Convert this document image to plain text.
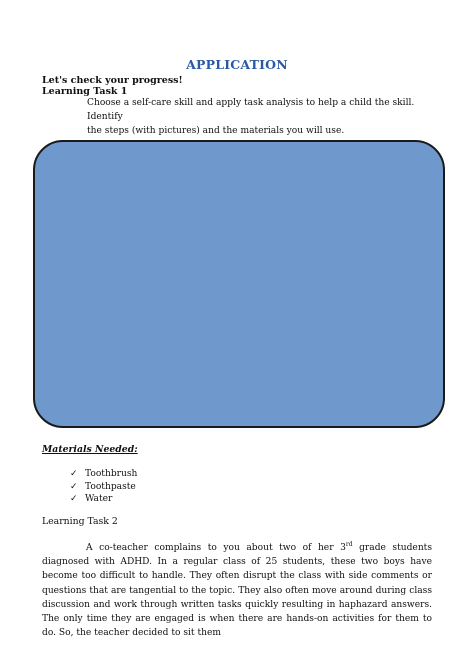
APPLICATION
Let's check your progress!
Learning Task 1
Choose a self-care skill and apply task analysis to help a child the skill. Identify
the steps (with pictures) and the materials you will use.
Materials Needed:
✓ Toothbrush
✓ Toothpaste
✓ Water
Learning Task 2

A co-teacher complains to you about two of her 3rd grade students diagnosed with ADHD. In a regular class of 25 students, these two boys have become too difficult to handle. They often disrupt the class with side comments or questions that are tangential to the topic. They also often move around during class discussion and work through written tasks quickly resulting in haphazard answers. The only time they are engaged is when there are hands-on activities for them to do. So, the teacher decided to sit them
